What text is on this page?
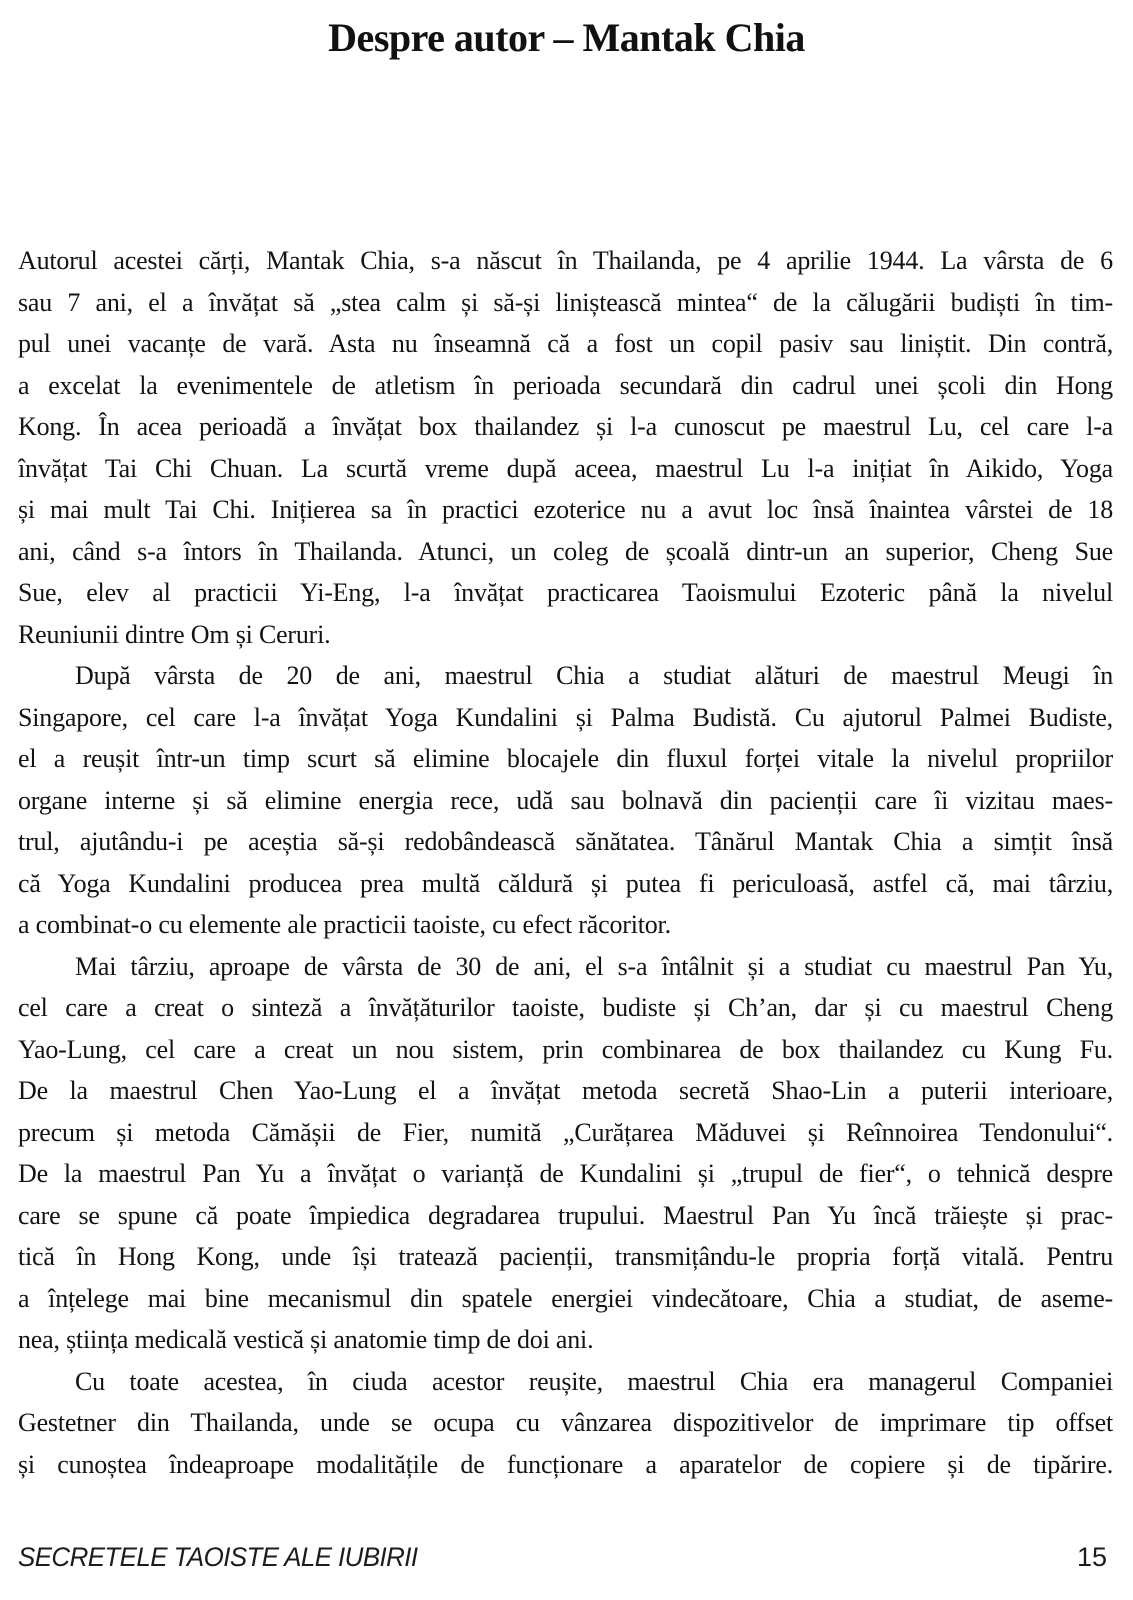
Despre autor – Mantak Chia
Autorul acestei cărți, Mantak Chia, s-a născut în Thailanda, pe 4 aprilie 1944. La vârsta de 6
sau 7 ani, el a învățat să „stea calm și să-și liniștească mintea“ de la călugării budiști în tim-
pul unei vacanțe de vară. Asta nu înseamnă că a fost un copil pasiv sau liniștit. Din contră,
a excelat la evenimentele de atletism în perioada secundară din cadrul unei școli din Hong
Kong. În acea perioadă a învățat box thailandez și l-a cunoscut pe maestrul Lu, cel care l-a
învățat Tai Chi Chuan. La scurtă vreme după aceea, maestrul Lu l-a inițiat în Aikido, Yoga
și mai mult Tai Chi. Inițierea sa în practici ezoterice nu a avut loc însă înaintea vârstei de 18
ani, când s-a întors în Thailanda. Atunci, un coleg de școală dintr-un an superior, Cheng Sue
Sue, elev al practicii Yi-Eng, l-a învățat practicarea Taoismului Ezoteric până la nivelul
Reuniunii dintre Om și Ceruri.
După vârsta de 20 de ani, maestrul Chia a studiat alături de maestrul Meugi în
Singapore, cel care l-a învățat Yoga Kundalini și Palma Budistă. Cu ajutorul Palmei Budiste,
el a reușit într-un timp scurt să elimine blocajele din fluxul forței vitale la nivelul propriilor
organe interne și să elimine energia rece, udă sau bolnavă din pacienții care îi vizitau maes-
trul, ajutându-i pe aceștia să-și redobândească sănătatea. Tânărul Mantak Chia a simțit însă
că Yoga Kundalini producea prea multă căldură și putea fi periculoasă, astfel că, mai târziu,
a combinat-o cu elemente ale practicii taoiste, cu efect răcoritor.
Mai târziu, aproape de vârsta de 30 de ani, el s-a întâlnit și a studiat cu maestrul Pan Yu,
cel care a creat o sinteză a învățăturilor taoiste, budiste și Ch’an, dar și cu maestrul Cheng
Yao-Lung, cel care a creat un nou sistem, prin combinarea de box thailandez cu Kung Fu.
De la maestrul Chen Yao-Lung el a învățat metoda secretă Shao-Lin a puterii interioare,
precum și metoda Cămășii de Fier, numită „Curățarea Măduvei și Reînnoirea Tendonului“.
De la maestrul Pan Yu a învățat o varianță de Kundalini și „trupul de fier“, o tehnică despre
care se spune că poate împiedica degradarea trupului. Maestrul Pan Yu încă trăiește și prac-
tică în Hong Kong, unde își tratează pacienții, transmițându-le propria forță vitală. Pentru
a înțelege mai bine mecanismul din spatele energiei vindecătoare, Chia a studiat, de aseme-
nea, știința medicală vestică și anatomie timp de doi ani.
Cu toate acestea, în ciuda acestor reușite, maestrul Chia era managerul Companiei
Gestetner din Thailanda, unde se ocupa cu vânzarea dispozitivelor de imprimare tip offset
și cunoștea îndeaproape modalitățile de funcționare a aparatelor de copiere și de tipărire.
SECRETELE TAOISTE ALE IUBIRII	15
